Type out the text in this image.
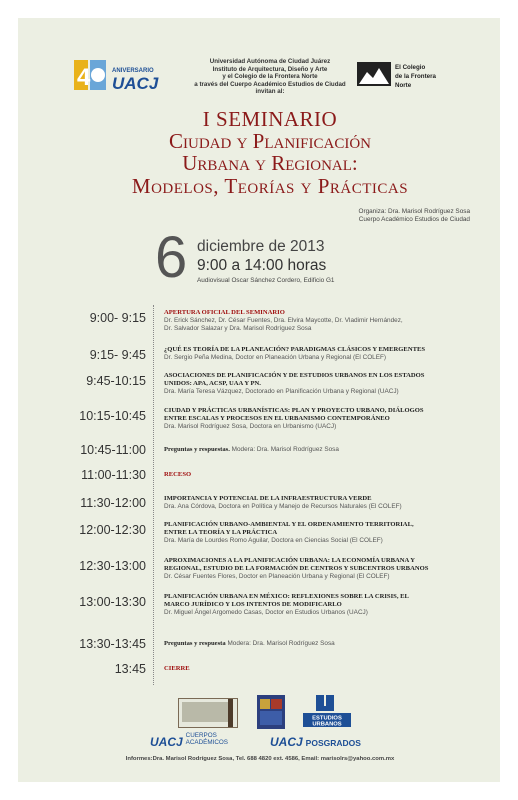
4	ANIVERSARIO
UACJ
Universidad Autónoma de Ciudad Juárez
Instituto de Arquitectura, Diseño y Arte
y el Colegio de la Frontera Norte
a través del Cuerpo Académico Estudios de Ciudad
invitan al:
El Colegio
de la Frontera
Norte
I SEMINARIO
Ciudad y Planificación
Urbana y Regional:
Modelos, Teorías y Prácticas
Organiza: Dra. Marisol Rodríguez Sosa
Cuerpo Académico Estudios de Ciudad
6 diciembre de 2013
9:00 a 14:00 horas
Audiovisual Oscar Sánchez Cordero, Edificio G1
9:00- 9:15	APERTURA OFICIAL DEL SEMINARIO
Dr. Erick Sánchez, Dr. César Fuentes, Dra. Elvira Maycotte, Dr. Vladimir Hernández,
Dr. Salvador Salazar y Dra. Marisol Rodríguez Sosa
9:15- 9:45	¿QUÉ ES TEORÍA DE LA PLANEACIÓN? PARADIGMAS CLÁSICOS Y EMERGENTES
Dr. Sergio Peña Medina, Doctor en Planeación Urbana y Regional (El COLEF)
9:45-10:15	ASOCIACIONES DE PLANIFICACIÓN Y DE ESTUDIOS URBANOS EN LOS ESTADOS
UNIDOS: APA, ACSP, UAA Y PN.
Dra. María Teresa Vázquez, Doctorado en Planificación Urbana y Regional (UACJ)
10:15-10:45	CIUDAD Y PRÁCTICAS URBANÍSTICAS: PLAN Y PROYECTO URBANO, DIÁLOGOS
ENTRE ESCALAS Y PROCESOS EN EL URBANISMO CONTEMPORÁNEO
Dra. Marisol Rodríguez Sosa, Doctora en Urbanismo (UACJ)
10:45-11:00	Preguntas y respuestas. Modera: Dra. Marisol Rodríguez Sosa
11:00-11:30	RECESO
11:30-12:00	IMPORTANCIA Y POTENCIAL DE LA INFRAESTRUCTURA VERDE
Dra. Ana Córdova, Doctora en Política y Manejo de Recursos Naturales (El COLEF)
12:00-12:30	PLANIFICACIÓN URBANO-AMBIENTAL Y EL ORDENAMIENTO TERRITORIAL,
ENTRE LA TEORÍA Y LA PRÁCTICA
Dra. María de Lourdes Romo Aguilar, Doctora en Ciencias Social (El COLEF)
12:30-13:00	APROXIMACIONES A LA PLANIFICACIÓN URBANA: LA ECONOMÍA URBANA Y
REGIONAL, ESTUDIO DE LA FORMACIÓN DE CENTROS Y SUBCENTROS URBANOS
Dr. César Fuentes Flores, Doctor en Planeación Urbana y Regional (El COLEF)
13:00-13:30	PLANIFICACIÓN URBANA EN MÉXICO: REFLEXIONES SOBRE LA CRISIS, EL
MARCO JURÍDICO Y LOS INTENTOS DE MODIFICARLO
Dr. Miguel Ángel Argomedo Casas, Doctor en Estudios Urbanos (UACJ)
13:30-13:45	Preguntas y respuesta Modera: Dra. Marisol Rodríguez Sosa
13:45	CIERRE
ESTUDIOS
URBANOS
UACJ CUERPOS
ACADÉMICOS	UACJ POSGRADOS
Informes:Dra. Marisol Rodríguez Sosa, Tel. 688 4820 ext. 4586, Email: marisolrs@yahoo.com.mx
